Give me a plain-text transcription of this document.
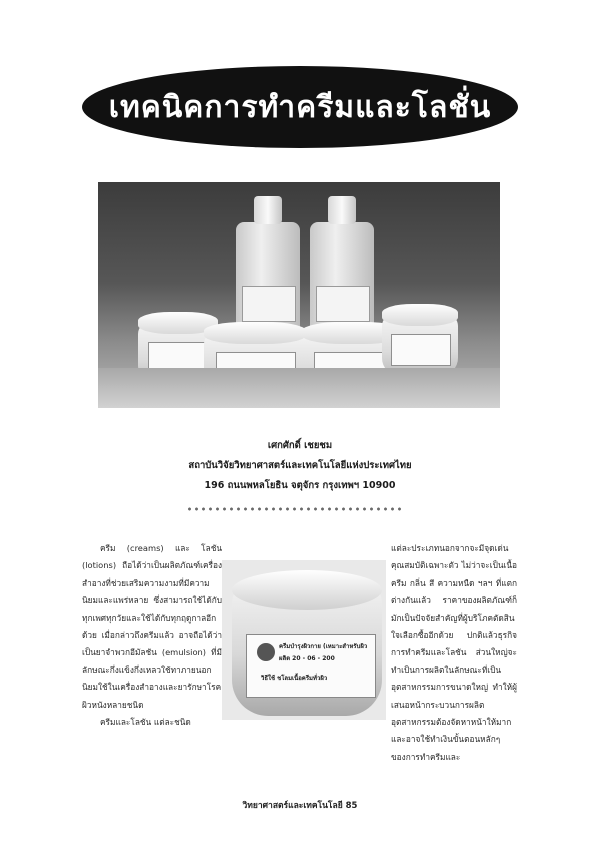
เทคนิคการทำครีมและโลชั่น
เศกศักดิ์ เชยชม
สถาบันวิจัยวิทยาศาสตร์และเทคโนโลยีแห่งประเทศไทย
196 ถนนพหลโยธิน จตุจักร กรุงเทพฯ 10900

ครีม (creams) และ โลชัน (lotions) ถือได้ว่าเป็นผลิตภัณฑ์เครื่องสำอางที่ช่วยเสริมความงามที่มีความนิยมและแพร่หลาย ซึ่งสามารถใช้ได้กับทุกเพศทุกวัยและใช้ได้กับทุกฤดูกาลอีกด้วย เมื่อกล่าวถึงครีมแล้ว อาจถือได้ว่าเป็นยาจำพวกอีมัลชัน (emulsion) ที่มีลักษณะกึ่งแข็งกึ่งเหลวใช้ทาภายนอกนิยมใช้ในเครื่องสำอางและยารักษาโรคผิวหนังหลายชนิด

ครีมและโลชัน แต่ละชนิด

ครีมบำรุงผิวกาย (เหมาะสำหรับผิว
ผลิต 20 - 06 - 200
วิธีใช้ ชโลมเนื้อครีมทั่วผิว

แต่ละประเภทนอกจากจะมีจุดเด่นคุณสมบัติเฉพาะตัว ไม่ว่าจะเป็นเนื้อครีม กลิ่น สี ความหนืด ฯลฯ ที่แตกต่างกันแล้ว ราคาของผลิตภัณฑ์ก็มักเป็นปัจจัยสำคัญที่ผู้บริโภคตัดสินใจเลือกซื้ออีกด้วย ปกติแล้วธุรกิจการทำครีมและโลชัน ส่วนใหญ่จะทำเป็นการผลิตในลักษณะที่เป็นอุตสาหกรรมการขนาดใหญ่ ทำให้ผู้เสนอหน้ากระบวนการผลิตอุตสาหกรรมต้องจัดหาหน้าให้มาก และอาจใช้ทำเงินขั้นตอนหลักๆ ของการทำครีมและ

วิทยาศาสตร์และเทคโนโลยี 85
